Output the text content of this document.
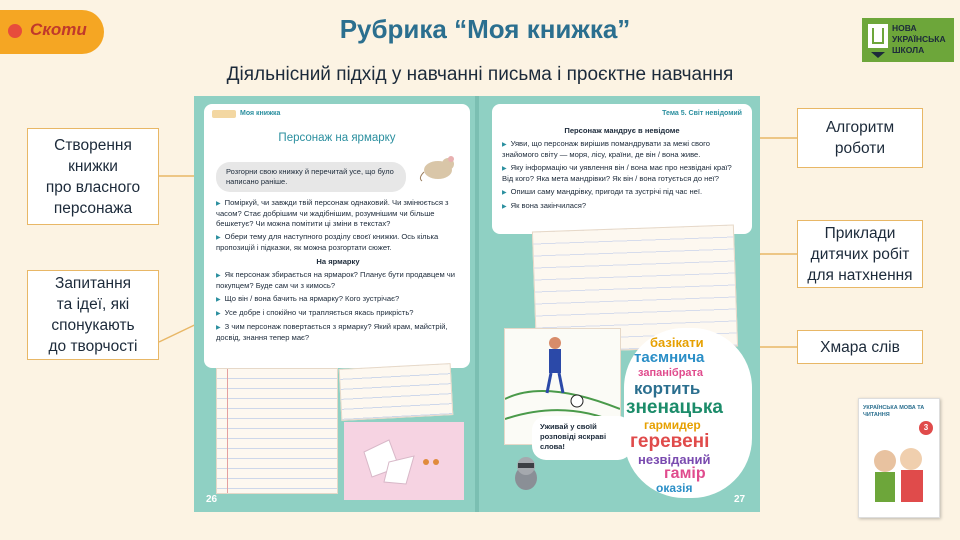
Скоти	Рубрика “Моя книжка”
Діяльнісний підхід у навчанні письма і проєктне навчання
НОВА
УКРАЇНСЬКА
ШКОЛА
Створення
книжки
про власного
персонажа
Запитання
та ідеї, які
спонукають
до творчості
Алгоритм
роботи
Приклади
дитячих робіт
для натхнення
Хмара слів
Моя книжка
Персонаж на ярмарку
Розгорни свою книжку й перечитай усе, що було написано раніше.
▶ Поміркуй, чи завжди твій персонаж однаковий. Чи змінюється з часом? Стає добрішим чи жадібнішим, розумнішим чи більше бешкетує? Чи можна помітити ці зміни в текстах?
▶ Обери тему для наступного розділу своєї книжки. Ось кілька пропозицій і підказки, як можна розгортати сюжет.
На ярмарку
▶ Як персонаж збирається на ярмарок? Планує бути продавцем чи покупцем? Буде сам чи з кимось?
▶ Що він / вона бачить на ярмарку? Кого зустрічає?
▶ Усе добре і спокійно чи трапляється якась прикрість?
▶ З чим персонаж повертається з ярмарку? Який крам, майстрій, досвід, знання тепер має?
26
Тема 5. Світ невідомий
Персонаж мандрує в невідоме
▶ Уяви, що персонаж вирішив помандрувати за межі свого знайомого світу — моря, лісу, країни, де він / вона живе.
▶ Яку інформацію чи уявлення він / вона має про незвідані краї? Від кого? Яка мета мандрівки? Як він / вона готується до неї?
▶ Опиши саму мандрівку, пригоди та зустрічі під час неї.
▶ Як вона закінчилася?
Уживай у своїй розповіді яскраві слова!
базікати
таємнича
запанібрата
кортить
зненацька
гармидер
геревені
незвіданий
гамір
оказія
27
УКРАЇНСЬКА МОВА ТА ЧИТАННЯ
3
